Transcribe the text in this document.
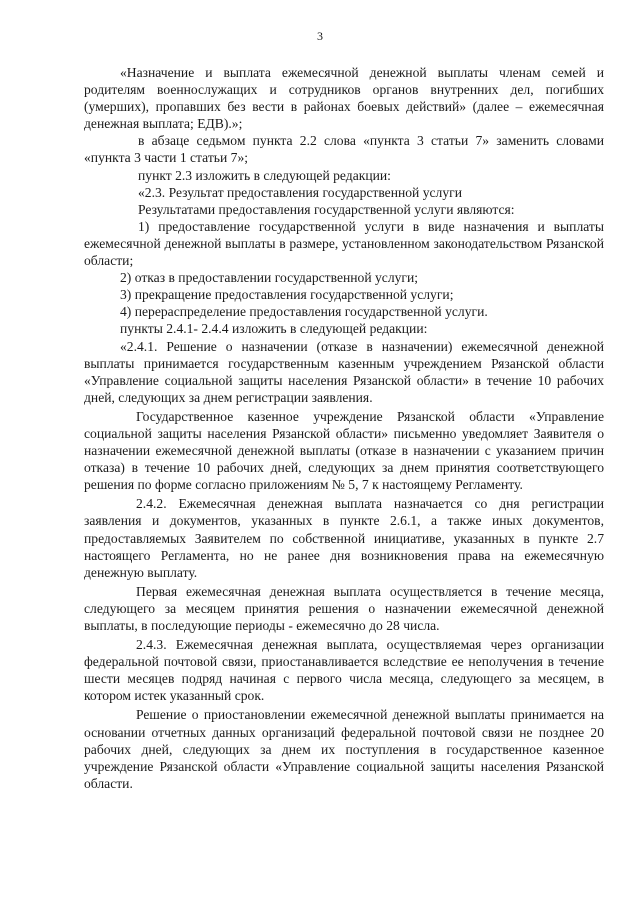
3

«Назначение и выплата ежемесячной денежной выплаты членам семей и родителям военнослужащих и сотрудников органов внутренних дел, погибших (умерших), пропавших без вести в районах боевых действий» (далее – ежемесячная денежная выплата; ЕДВ).»;

в абзаце седьмом пункта 2.2 слова «пункта 3 статьи 7» заменить словами «пункта 3 части 1 статьи 7»;

пункт 2.3 изложить в следующей редакции:

«2.3. Результат предоставления государственной услуги

Результатами предоставления государственной услуги являются:

1) предоставление государственной услуги в виде назначения и выплаты ежемесячной денежной выплаты в размере, установленном законодательством Рязанской области;

2) отказ в предоставлении государственной услуги;

3) прекращение предоставления государственной услуги;

4) перераспределение предоставления государственной услуги.

пункты 2.4.1- 2.4.4 изложить в следующей редакции:

«2.4.1. Решение о назначении (отказе в назначении) ежемесячной денежной выплаты принимается государственным казенным учреждением Рязанской области «Управление социальной защиты населения Рязанской области» в течение 10 рабочих дней, следующих за днем регистрации заявления.

Государственное казенное учреждение Рязанской области «Управление социальной защиты населения Рязанской области» письменно уведомляет Заявителя о назначении ежемесячной денежной выплаты (отказе в назначении с указанием причин отказа) в течение 10 рабочих дней, следующих за днем принятия соответствующего решения по форме согласно приложениям № 5, 7 к настоящему Регламенту.

2.4.2. Ежемесячная денежная выплата назначается со дня регистрации заявления и документов, указанных в пункте 2.6.1, а также иных документов, предоставляемых Заявителем по собственной инициативе, указанных в пункте 2.7 настоящего Регламента, но не ранее дня возникновения права на ежемесячную денежную выплату.

Первая ежемесячная денежная выплата осуществляется в течение месяца, следующего за месяцем принятия решения о назначении ежемесячной денежной выплаты, в последующие периоды - ежемесячно до 28 числа.

2.4.3. Ежемесячная денежная выплата, осуществляемая через организации федеральной почтовой связи, приостанавливается вследствие ее неполучения в течение шести месяцев подряд начиная с первого числа месяца, следующего за месяцем, в котором истек указанный срок.

Решение о приостановлении ежемесячной денежной выплаты принимается на основании отчетных данных организаций федеральной почтовой связи не позднее 20 рабочих дней, следующих за днем их поступления в государственное казенное учреждение Рязанской области «Управление социальной защиты населения Рязанской области.
